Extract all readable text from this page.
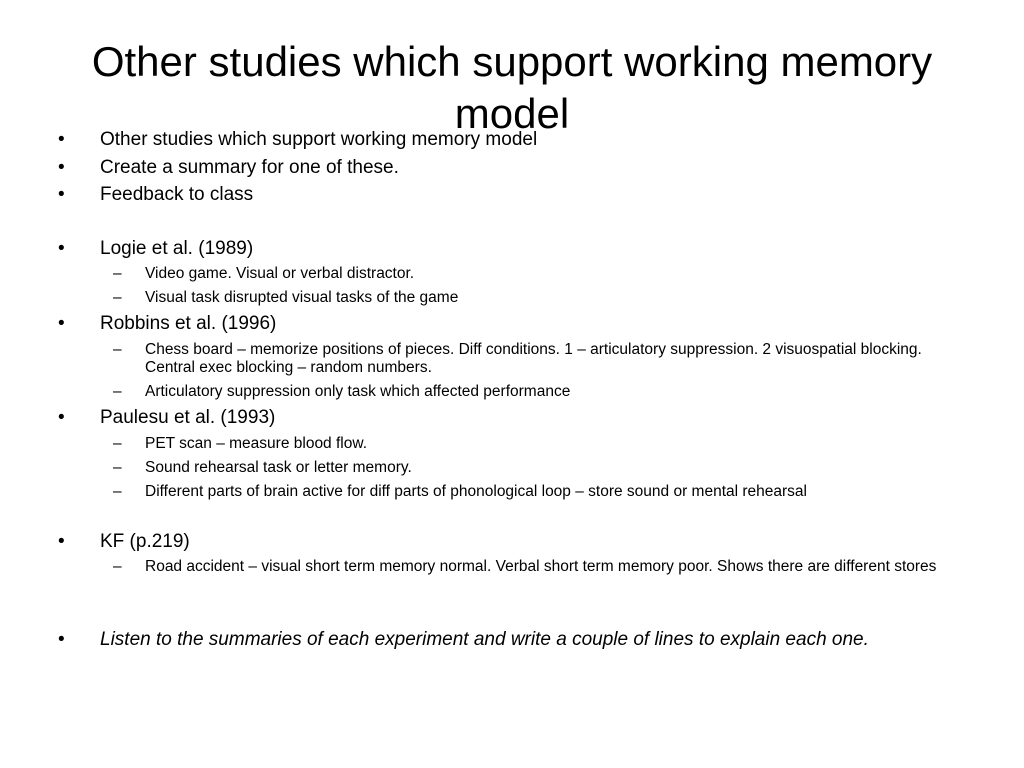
Other studies which support working memory model
•	Other studies which support working memory model
•	Create a summary for one of these.
•	Feedback to class
•	Logie et al. (1989)
–	Video game. Visual or verbal distractor.
–	Visual task disrupted visual tasks of the game
•	Robbins et al. (1996)
–	Chess board – memorize positions of pieces. Diff conditions. 1 – articulatory suppression. 2 visuospatial blocking. Central exec blocking – random numbers.
–	Articulatory suppression only task which affected performance
•	Paulesu et al. (1993)
–	PET scan – measure blood flow.
–	Sound rehearsal task or letter memory.
–	Different parts of brain active for diff parts of phonological loop – store sound or mental rehearsal
•	KF (p.219)
–	Road accident – visual short term memory normal. Verbal short term memory poor. Shows there are different stores
•	Listen to the summaries of each experiment and write a couple of lines to explain each one.
